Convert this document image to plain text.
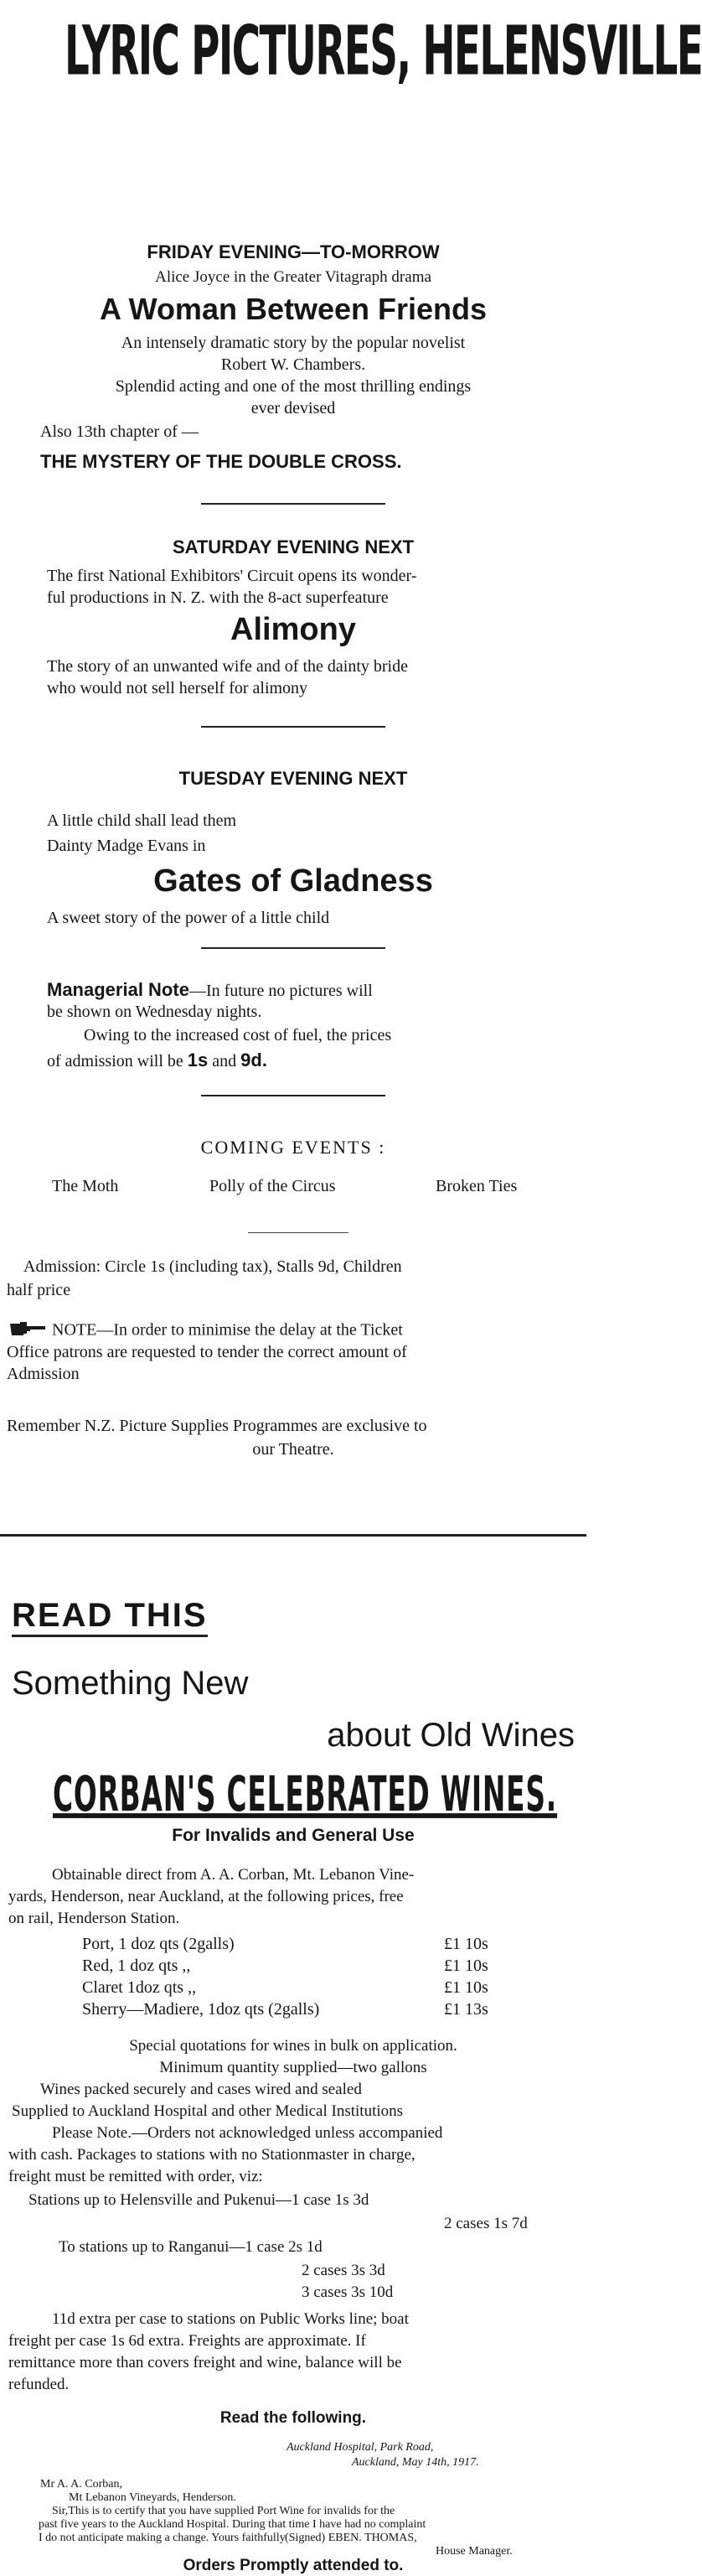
LYRIC PICTURES, HELENSVILLE
FRIDAY EVENING—TO-MORROW
Alice Joyce in the Greater Vitagraph drama
A Woman Between Friends
An intensely dramatic story by the popular novelist
Robert W. Chambers.
Splendid acting and one of the most thrilling endings
ever devised
Also 13th chapter of —
THE MYSTERY OF THE DOUBLE CROSS.
SATURDAY EVENING NEXT
The first National Exhibitors' Circuit opens its wonder-
ful productions in N. Z. with the 8-act superfeature
Alimony
The story of an unwanted wife and of the dainty bride
who would not sell herself for alimony
TUESDAY EVENING NEXT
A little child shall lead them
Dainty Madge Evans in
Gates of Gladness
A sweet story of the power of a little child
Managerial Note—In future no pictures will
be shown on Wednesday nights.
Owing to the increased cost of fuel, the prices
of admission will be 1s and 9d.
COMING EVENTS :
The Moth	Polly of the Circus	Broken Ties
Admission: Circle 1s (including tax), Stalls 9d, Children
half price
NOTE—In order to minimise the delay at the Ticket
Office patrons are requested to tender the correct amount of
Admission
Remember N.Z. Picture Supplies Programmes are exclusive to
our Theatre.
READ THIS
Something New
about Old Wines
CORBAN'S CELEBRATED WINES.
For Invalids and General Use
Obtainable direct from A. A. Corban, Mt. Lebanon Vine-
yards, Henderson, near Auckland, at the following prices, free
on rail, Henderson Station.
Port, 1 doz qts (2galls)	£1 10s
Red, 1 doz qts ,,	£1 10s
Claret 1doz qts ,,	£1 10s
Sherry—Madiere, 1doz qts (2galls)	£1 13s
Special quotations for wines in bulk on application.
Minimum quantity supplied—two gallons
Wines packed securely and cases wired and sealed
Supplied to Auckland Hospital and other Medical Institutions
Please Note.—Orders not acknowledged unless accompanied
with cash. Packages to stations with no Stationmaster in charge,
freight must be remitted with order, viz:
Stations up to Helensville and Pukenui—1 case 1s 3d
2 cases 1s 7d
To stations up to Ranganui—1 case 2s 1d
2 cases 3s 3d
3 cases 3s 10d
11d extra per case to stations on Public Works line; boat
freight per case 1s 6d extra. Freights are approximate. If
remittance more than covers freight and wine, balance will be
refunded.
Read the following.
Auckland Hospital, Park Road,
Auckland, May 14th, 1917.
Mr A. A. Corban,
Mt Lebanon Vineyards, Henderson.
Sir,This is to certify that you have supplied Port Wine for invalids for the
past five years to the Auckland Hospital. During that time I have had no complaint
I do not anticipate making a change. Yours faithfully (Signed) EBEN. THOMAS,
House Manager.
Orders Promptly attended to.
